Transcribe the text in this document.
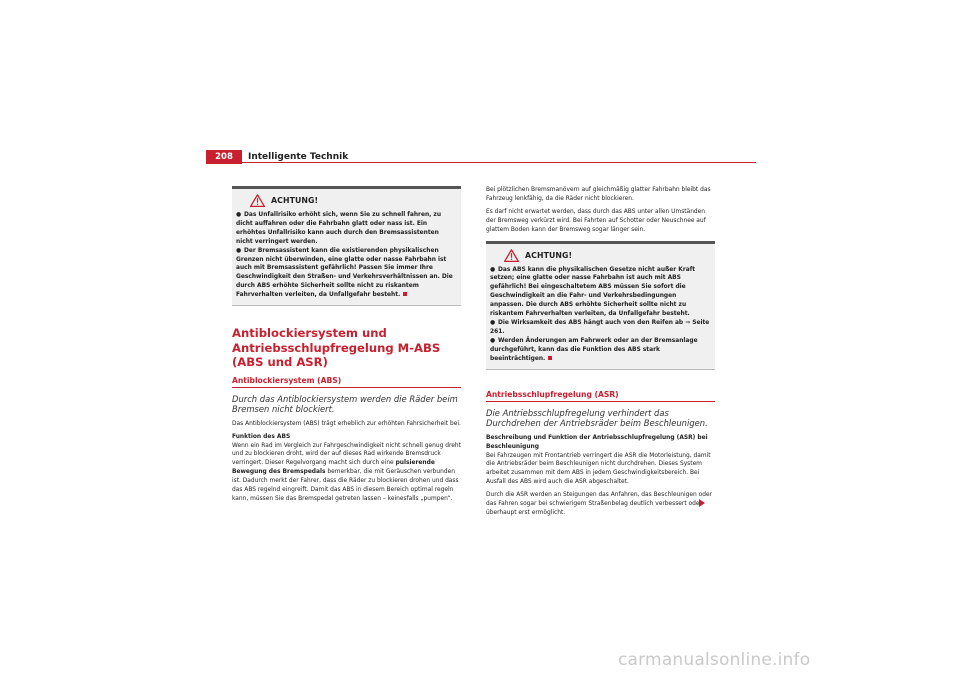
208	Intelligente Technik
ACHTUNG!

● Das Unfallrisiko erhöht sich, wenn Sie zu schnell fahren, zu dicht auffahren oder die Fahrbahn glatt oder nass ist. Ein erhöhtes Unfallrisiko kann auch durch den Bremsassistenten nicht verringert werden.

● Der Bremsassistent kann die existierenden physikalischen Grenzen nicht überwinden, eine glatte oder nasse Fahrbahn ist auch mit Bremsassistent gefährlich! Passen Sie immer Ihre Geschwindigkeit den Straßen- und Verkehrsverhältnissen an. Die durch ABS erhöhte Sicherheit sollte nicht zu riskantem Fahrverhalten verleiten, da Unfallgefahr besteht.

Antiblockiersystem und Antriebsschlupfregelung M-ABS (ABS und ASR)
Antiblockiersystem (ABS)

Durch das Antiblockiersystem werden die Räder beim Bremsen nicht blockiert.

Das Antiblockiersystem (ABS) trägt erheblich zur erhöhten Fahrsicherheit bei.

Funktion des ABS

Wenn ein Rad im Vergleich zur Fahrgeschwindigkeit nicht schnell genug dreht und zu blockieren droht, wird der auf dieses Rad wirkende Bremsdruck verringert. Dieser Regelvorgang macht sich durch eine pulsierende Bewegung des Bremspedals bemerkbar, die mit Geräuschen verbunden ist. Dadurch merkt der Fahrer, dass die Räder zu blockieren drohen und dass das ABS regelnd eingreift. Damit das ABS in diesem Bereich optimal regeln kann, müssen Sie das Bremspedal getreten lassen – keinesfalls „pumpen“.

Bei plötzlichen Bremsmanövern auf gleichmäßig glatter Fahrbahn bleibt das Fahrzeug lenkfähig, da die Räder nicht blockieren.

Es darf nicht erwartet werden, dass durch das ABS unter allen Umständen der Bremsweg verkürzt wird. Bei Fahrten auf Schotter oder Neuschnee auf glattem Boden kann der Bremsweg sogar länger sein.

ACHTUNG!

● Das ABS kann die physikalischen Gesetze nicht außer Kraft setzen; eine glatte oder nasse Fahrbahn ist auch mit ABS gefährlich! Bei eingeschaltetem ABS müssen Sie sofort die Geschwindigkeit an die Fahr- und Verkehrsbedingungen anpassen. Die durch ABS erhöhte Sicherheit sollte nicht zu riskantem Fahrverhalten verleiten, da Unfallgefahr besteht.

● Die Wirksamkeit des ABS hängt auch von den Reifen ab ⇒ Seite 261.

● Werden Änderungen am Fahrwerk oder an der Bremsanlage durchgeführt, kann das die Funktion des ABS stark beeinträchtigen.

Antriebsschlupfregelung (ASR)

Die Antriebsschlupfregelung verhindert das Durchdrehen der Antriebsräder beim Beschleunigen.

Beschreibung und Funktion der Antriebsschlupfregelung (ASR) bei Beschleunigung

Bei Fahrzeugen mit Frontantrieb verringert die ASR die Motorleistung, damit die Antriebsräder beim Beschleunigen nicht durchdrehen. Dieses System arbeitet zusammen mit dem ABS in jedem Geschwindigkeitsbereich. Bei Ausfall des ABS wird auch die ASR abgeschaltet.

Durch die ASR werden an Steigungen das Anfahren, das Beschleunigen oder das Fahren sogar bei schwierigem Straßenbelag deutlich verbessert oder überhaupt erst ermöglicht.

carmanualsonline.info
